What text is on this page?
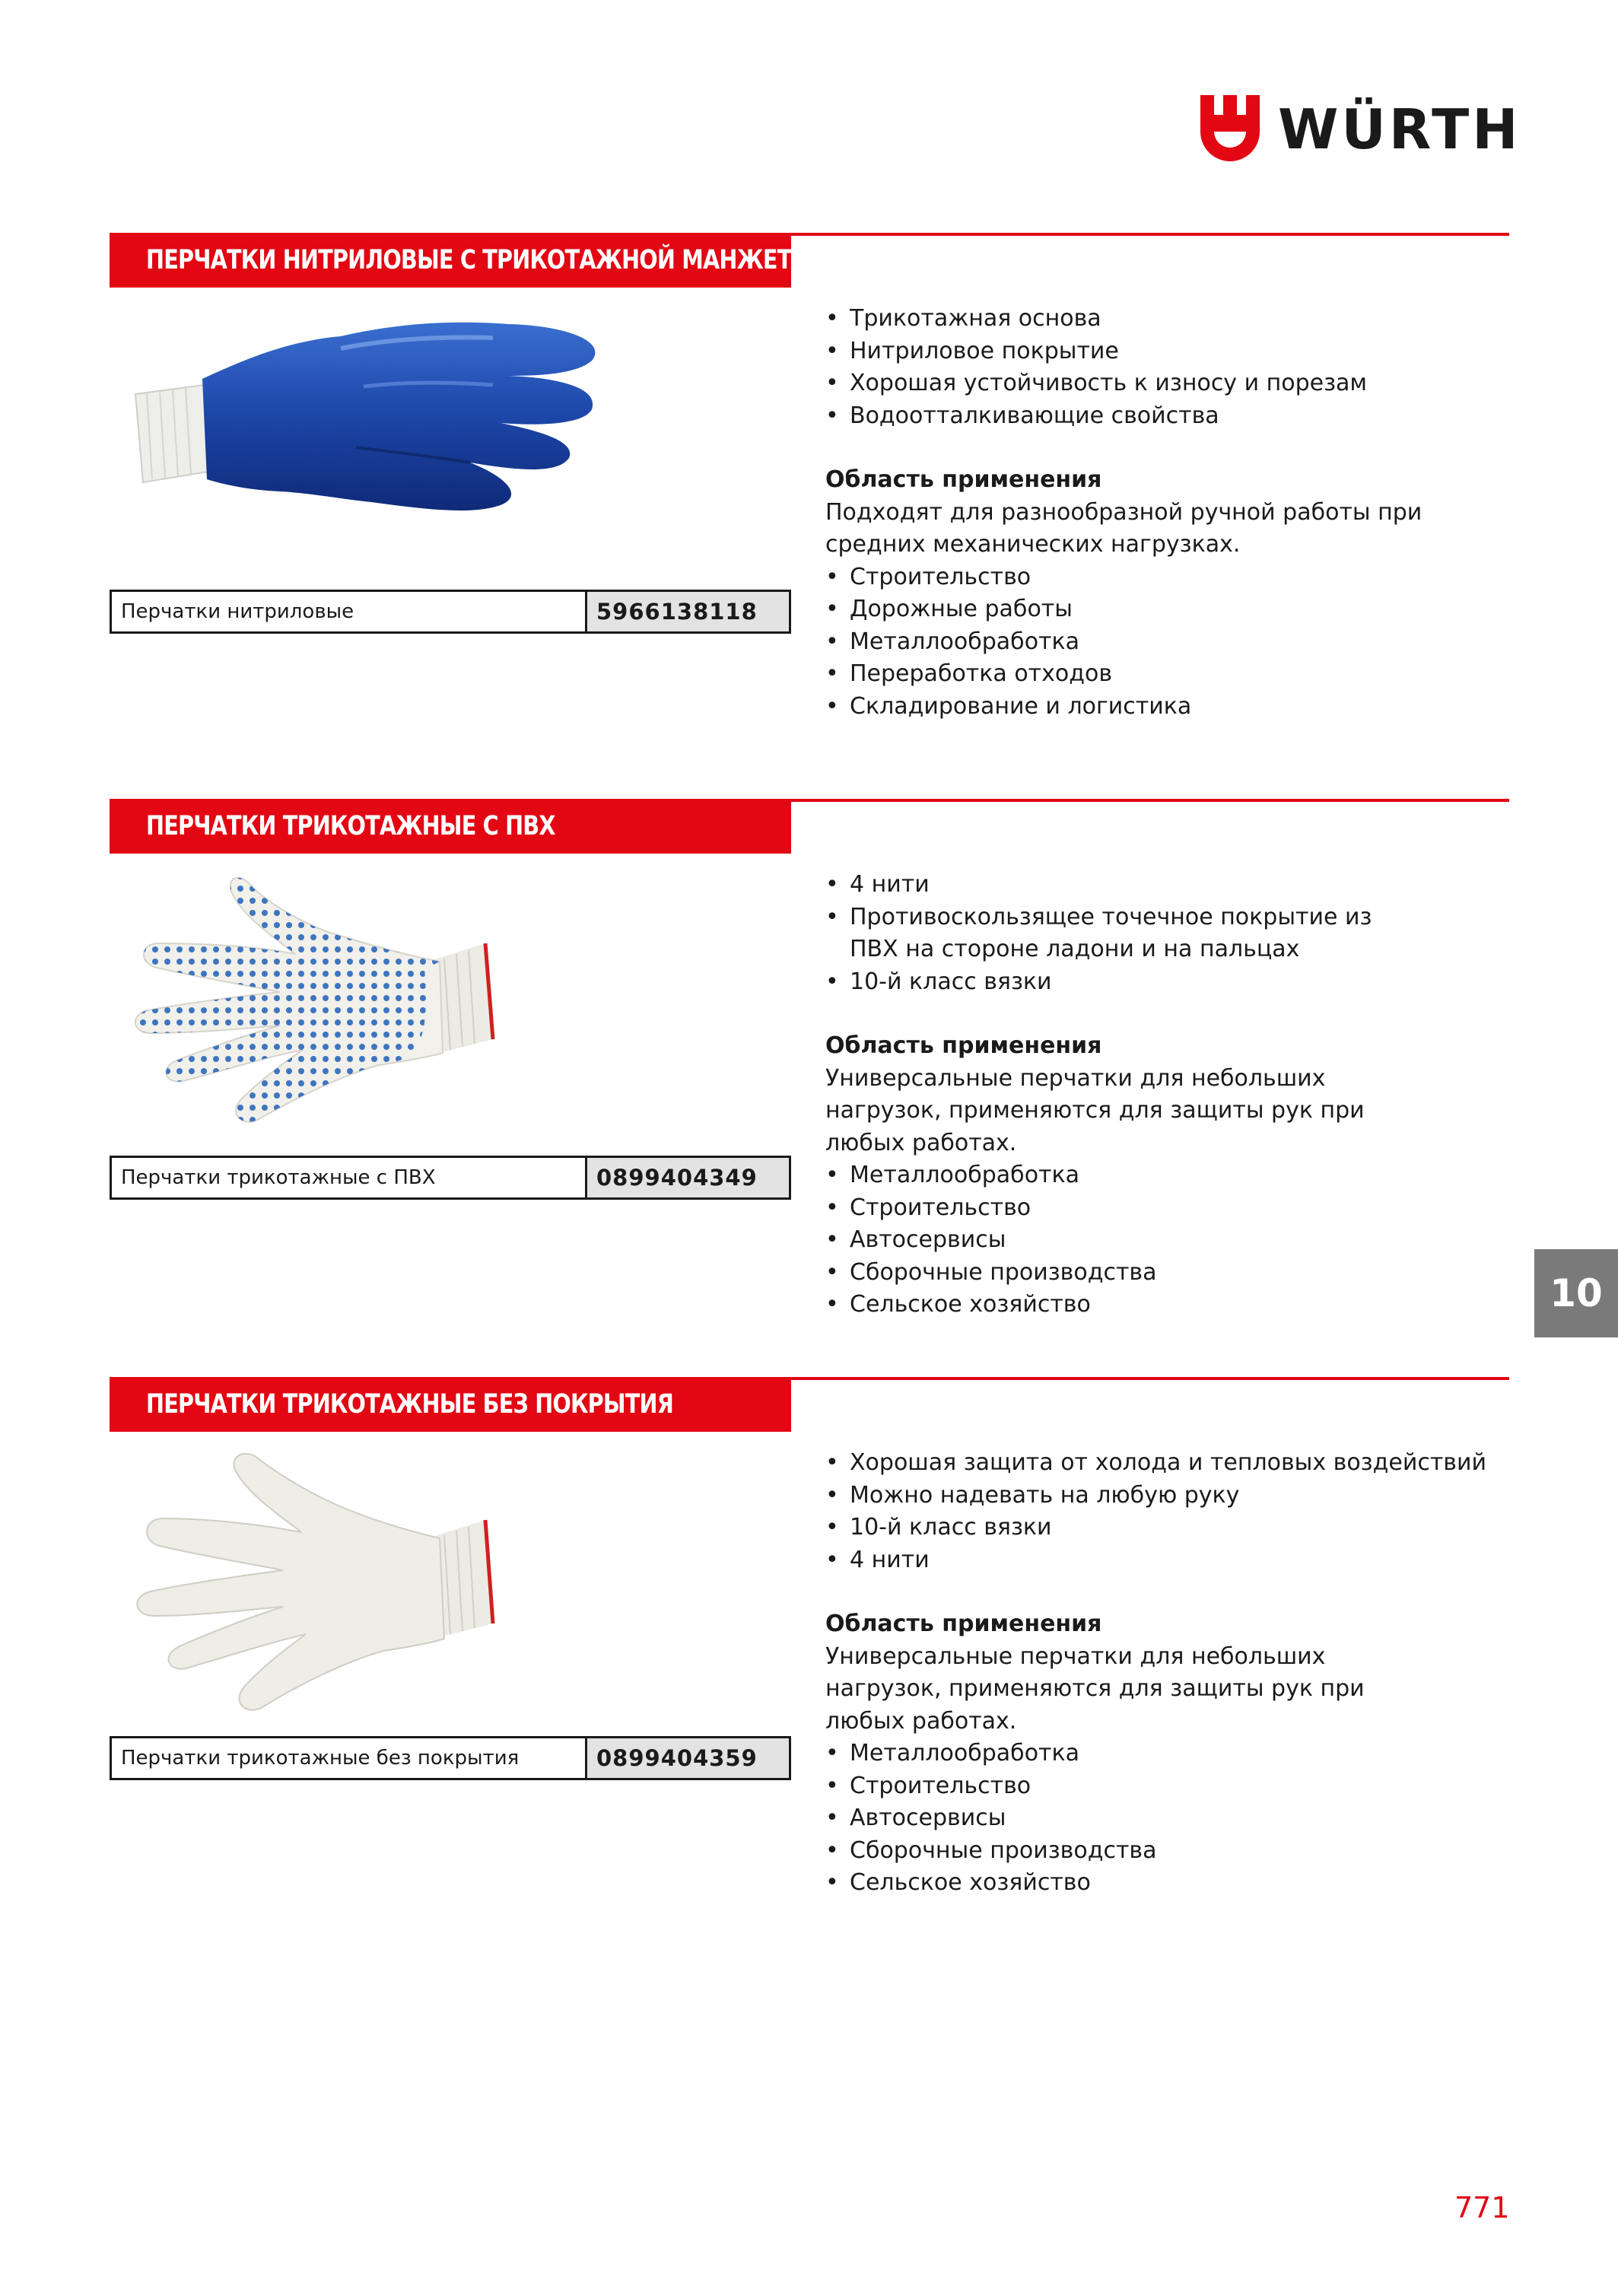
WÜRTH
ПЕРЧАТКИ НИТРИЛОВЫЕ С ТРИКОТАЖНОЙ МАНЖЕТОЙ
Перчатки нитриловые	5966138118
• Трикотажная основа
• Нитриловое покрытие
• Хорошая устойчивость к износу и порезам
• Водоотталкивающие свойства

Область применения

Подходят для разнообразной ручной работы при средних механических нагрузках.

• Строительство
• Дорожные работы
• Металлообработка
• Переработка отходов
• Складирование и логистика
ПЕРЧАТКИ ТРИКОТАЖНЫЕ С ПВХ
Перчатки трикотажные с ПВХ	0899404349
• 4 нити
• Противоскользящее точечное покрытие из ПВХ на стороне ладони и на пальцах
• 10-й класс вязки

Область применения

Универсальные перчатки для небольших нагрузок, применяются для защиты рук при любых работах.

• Металлообработка
• Строительство
• Автосервисы
• Сборочные производства
• Сельское хозяйство
ПЕРЧАТКИ ТРИКОТАЖНЫЕ БЕЗ ПОКРЫТИЯ
Перчатки трикотажные без покрытия	0899404359
• Хорошая защита от холода и тепловых воздействий
• Можно надевать на любую руку
• 10-й класс вязки
• 4 нити

Область применения

Универсальные перчатки для небольших нагрузок, применяются для защиты рук при любых работах.

• Металлообработка
• Строительство
• Автосервисы
• Сборочные производства
• Сельское хозяйство
10
771
